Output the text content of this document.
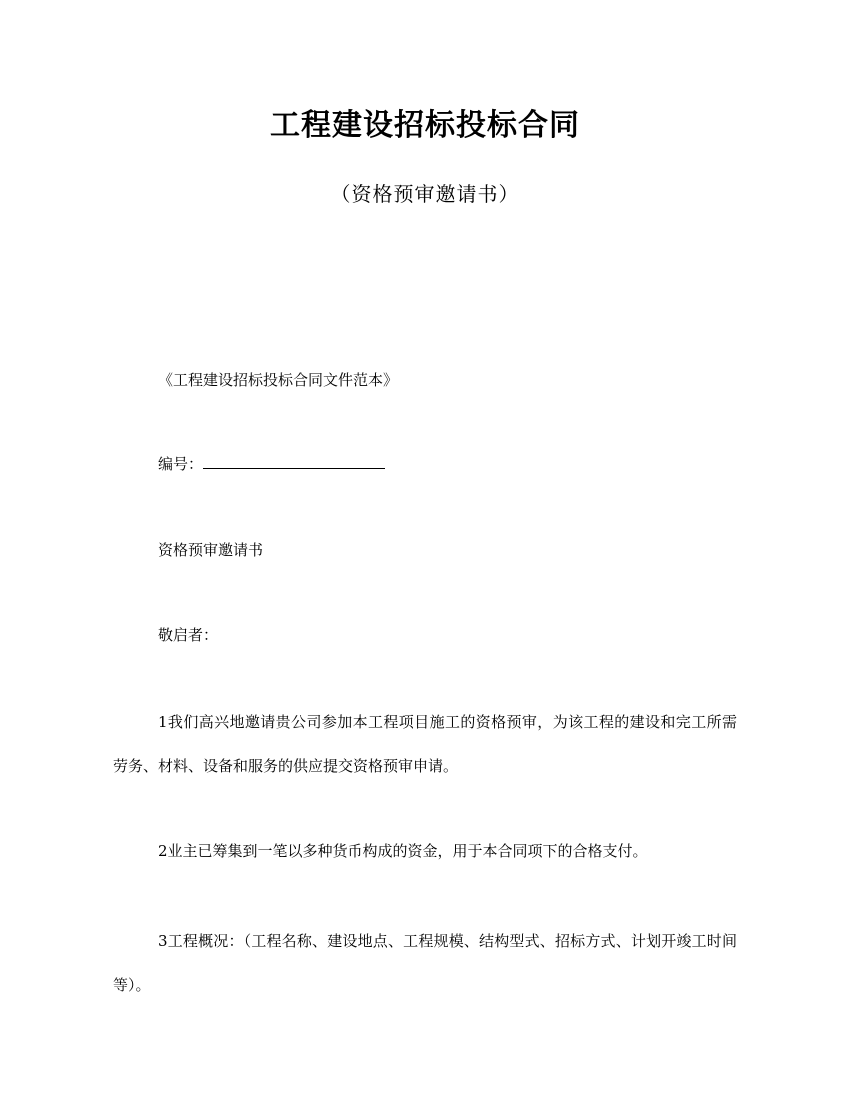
工程建设招标投标合同
（资格预审邀请书）
《工程建设招标投标合同文件范本》
编号：
资格预审邀请书
敬启者：
1我们高兴地邀请贵公司参加本工程项目施工的资格预审，为该工程的建设和完工所需劳务、材料、设备和服务的供应提交资格预审申请。
2业主已筹集到一笔以多种货币构成的资金，用于本合同项下的合格支付。
3工程概况：（工程名称、建设地点、工程规模、结构型式、招标方式、计划开竣工时间等）。
